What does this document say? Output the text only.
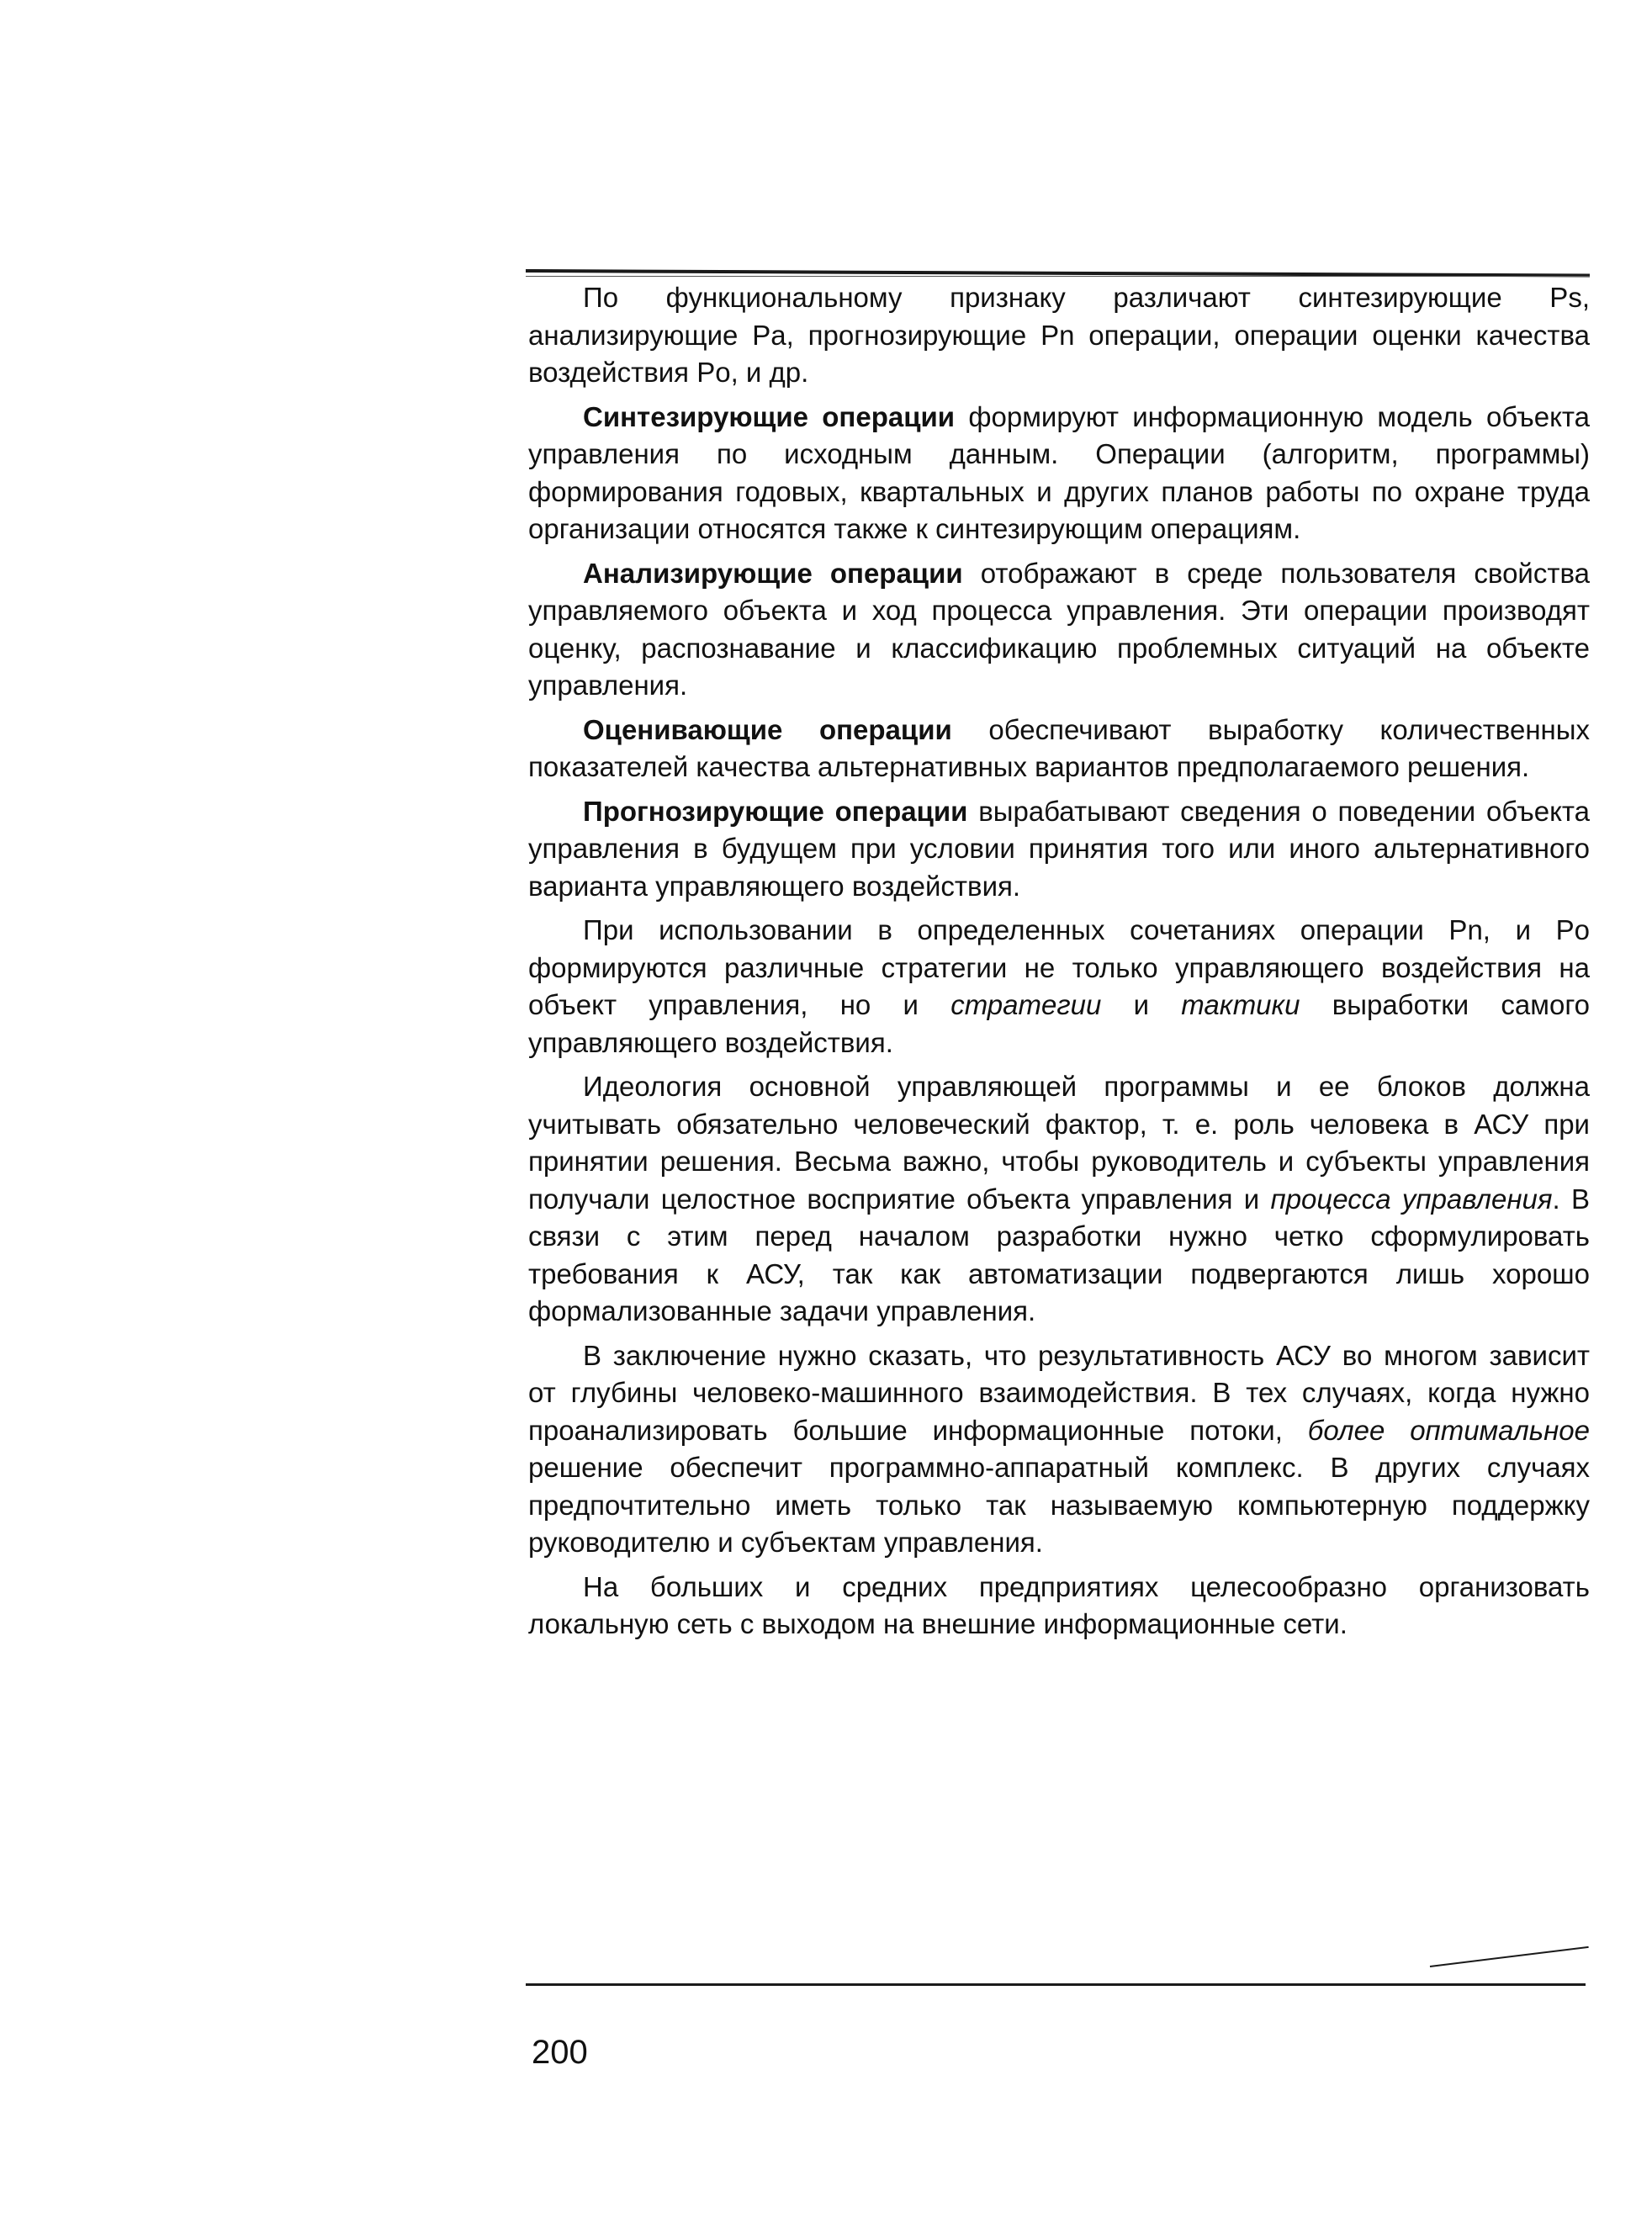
По функциональному признаку различают синтезирующие Ps, анализирующие Pa, прогнозирующие Pn операции, операции оценки качества воздействия Po, и др.

Синтезирующие операции формируют информационную модель объекта управления по исходным данным. Операции (алгоритм, программы) формирования годовых, квартальных и других планов работы по охране труда организации относятся также к синтезирующим операциям.

Анализирующие операции отображают в среде пользователя свойства управляемого объекта и ход процесса управления. Эти операции производят оценку, распознавание и классификацию проблемных ситуаций на объекте управления.

Оценивающие операции обеспечивают выработку количественных показателей качества альтернативных вариантов предполагаемого решения.

Прогнозирующие операции вырабатывают сведения о поведении объекта управления в будущем при условии принятия того или иного альтернативного варианта управляющего воздействия.

При использовании в определенных сочетаниях операции Pn, и Po формируются различные стратегии не только управляющего воздействия на объект управления, но и стратегии и тактики выработки самого управляющего воздействия.

Идеология основной управляющей программы и ее блоков должна учитывать обязательно человеческий фактор, т. е. роль человека в АСУ при принятии решения. Весьма важно, чтобы руководитель и субъекты управления получали целостное восприятие объекта управления и процесса управления. В связи с этим перед началом разработки нужно четко сформулировать требования к АСУ, так как автоматизации подвергаются лишь хорошо формализованные задачи управления.

В заключение нужно сказать, что результативность АСУ во многом зависит от глубины человеко-машинного взаимодействия. В тех случаях, когда нужно проанализировать большие информационные потоки, более оптимальное решение обеспечит программно-аппаратный комплекс. В других случаях предпочтительно иметь только так называемую компьютерную поддержку руководителю и субъектам управления.

На больших и средних предприятиях целесообразно организовать локальную сеть с выходом на внешние информационные сети.

200
